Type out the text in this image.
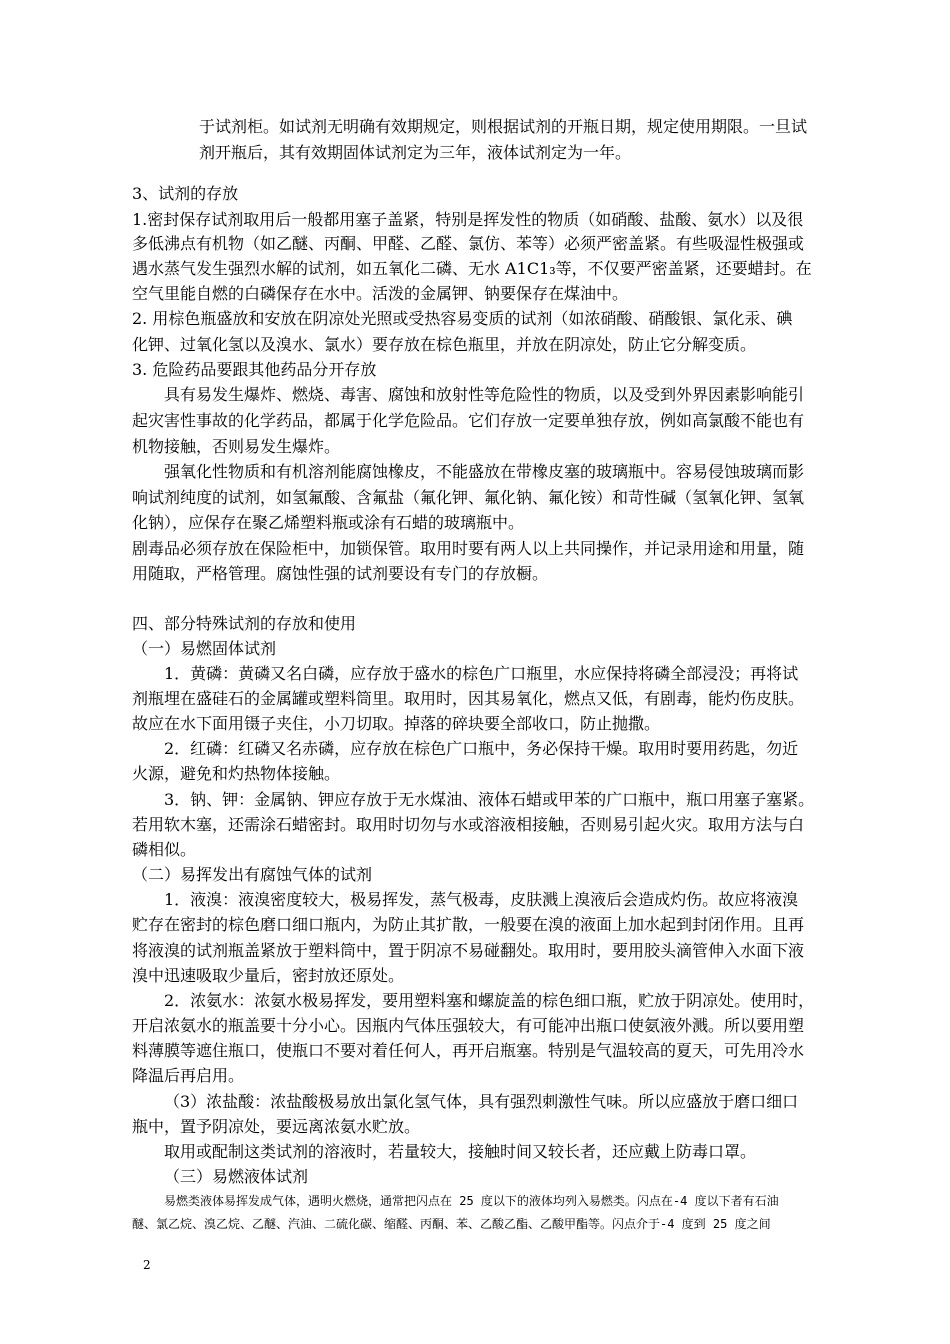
于试剂柜。如试剂无明确有效期规定，则根据试剂的开瓶日期，规定使用期限。一旦试
剂开瓶后，其有效期固体试剂定为三年，液体试剂定为一年。
3、试剂的存放
1.密封保存试剂取用后一般都用塞子盖紧，特别是挥发性的物质（如硝酸、盐酸、氨水）以及很
多低沸点有机物（如乙醚、丙酮、甲醛、乙醛、氯仿、苯等）必须严密盖紧。有些吸湿性极强或
遇水蒸气发生强烈水解的试剂，如五氧化二磷、无水 A1C1₃等，不仅要严密盖紧，还要蜡封。在
空气里能自燃的白磷保存在水中。活泼的金属钾、钠要保存在煤油中。
2. 用棕色瓶盛放和安放在阴凉处光照或受热容易变质的试剂（如浓硝酸、硝酸银、氯化汞、碘
化钾、过氧化氢以及溴水、氯水）要存放在棕色瓶里，并放在阴凉处，防止它分解变质。
3. 危险药品要跟其他药品分开存放
具有易发生爆炸、燃烧、毒害、腐蚀和放射性等危险性的物质，以及受到外界因素影响能引
起灾害性事故的化学药品，都属于化学危险品。它们存放一定要单独存放，例如高氯酸不能也有
机物接触，否则易发生爆炸。
强氧化性物质和有机溶剂能腐蚀橡皮，不能盛放在带橡皮塞的玻璃瓶中。容易侵蚀玻璃而影
响试剂纯度的试剂，如氢氟酸、含氟盐（氟化钾、氟化钠、氟化铵）和苛性碱（氢氧化钾、氢氧
化钠），应保存在聚乙烯塑料瓶或涂有石蜡的玻璃瓶中。
剧毒品必须存放在保险柜中，加锁保管。取用时要有两人以上共同操作，并记录用途和用量，随
用随取，严格管理。腐蚀性强的试剂要设有专门的存放橱。
四、部分特殊试剂的存放和使用
（一）易燃固体试剂
1．黄磷：黄磷又名白磷，应存放于盛水的棕色广口瓶里，水应保持将磷全部浸没；再将试
剂瓶埋在盛硅石的金属罐或塑料筒里。取用时，因其易氧化，燃点又低，有剧毒，能灼伤皮肤。
故应在水下面用镊子夹住，小刀切取。掉落的碎块要全部收口，防止抛撒。
2．红磷：红磷又名赤磷，应存放在棕色广口瓶中，务必保持干燥。取用时要用药匙，勿近
火源，避免和灼热物体接触。
3．钠、钾：金属钠、钾应存放于无水煤油、液体石蜡或甲苯的广口瓶中，瓶口用塞子塞紧。
若用软木塞，还需涂石蜡密封。取用时切勿与水或溶液相接触，否则易引起火灾。取用方法与白
磷相似。
（二）易挥发出有腐蚀气体的试剂
1．液溴：液溴密度较大，极易挥发，蒸气极毒，皮肤溅上溴液后会造成灼伤。故应将液溴
贮存在密封的棕色磨口细口瓶内，为防止其扩散，一般要在溴的液面上加水起到封闭作用。且再
将液溴的试剂瓶盖紧放于塑料筒中，置于阴凉不易碰翻处。取用时，要用胶头滴管伸入水面下液
溴中迅速吸取少量后，密封放还原处。
2．浓氨水：浓氨水极易挥发，要用塑料塞和螺旋盖的棕色细口瓶，贮放于阴凉处。使用时，
开启浓氨水的瓶盖要十分小心。因瓶内气体压强较大，有可能冲出瓶口使氨液外溅。所以要用塑
料薄膜等遮住瓶口，使瓶口不要对着任何人，再开启瓶塞。特别是气温较高的夏天，可先用冷水
降温后再启用。
（3）浓盐酸：浓盐酸极易放出氯化氢气体，具有强烈刺激性气味。所以应盛放于磨口细口
瓶中，置予阴凉处，要远离浓氨水贮放。
取用或配制这类试剂的溶液时，若量较大，接触时间又较长者，还应戴上防毒口罩。
（三）易燃液体试剂
易燃类液体易挥发成气体，遇明火燃烧，通常把闪点在 25 度以下的液体均列入易燃类。闪点在-4 度以下者有石油
醚、氯乙烷、溴乙烷、乙醚、汽油、二硫化碳、缩醛、丙酮、苯、乙酸乙酯、乙酸甲酯等。闪点介于-4 度到 25 度之间
2
